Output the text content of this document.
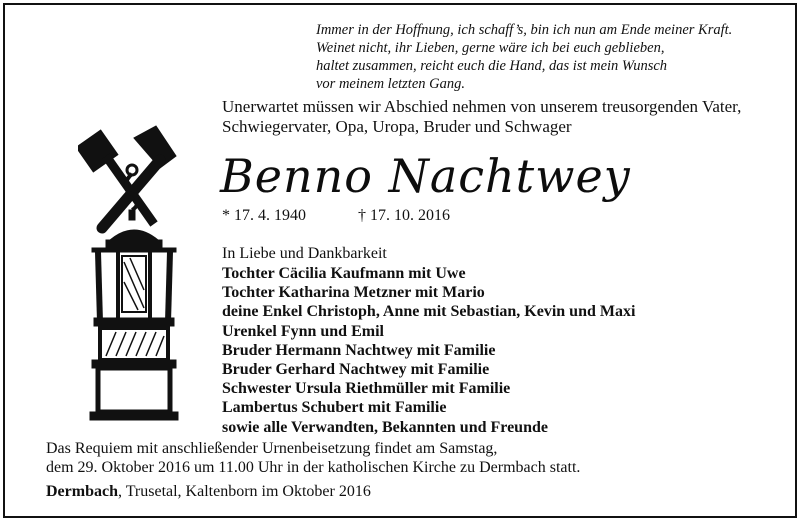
Immer in der Hoffnung, ich schaff’s, bin ich nun am Ende meiner Kraft.
Weinet nicht, ihr Lieben, gerne wäre ich bei euch geblieben,
haltet zusammen, reicht euch die Hand, das ist mein Wunsch
vor meinem letzten Gang.
Unerwartet müssen wir Abschied nehmen von unserem treusorgenden Vater,
Schwiegervater, Opa, Uropa, Bruder und Schwager
Benno Nachtwey
* 17. 4. 1940	† 17. 10. 2016
In Liebe und Dankbarkeit
Tochter Cäcilia Kaufmann mit Uwe
Tochter Katharina Metzner mit Mario
deine Enkel Christoph, Anne mit Sebastian, Kevin und Maxi
Urenkel Fynn und Emil
Bruder Hermann Nachtwey mit Familie
Bruder Gerhard Nachtwey mit Familie
Schwester Ursula Riethmüller mit Familie
Lambertus Schubert mit Familie
sowie alle Verwandten, Bekannten und Freunde
Das Requiem mit anschließender Urnenbeisetzung findet am Samstag,
dem 29. Oktober 2016 um 11.00 Uhr in der katholischen Kirche zu Dermbach statt.
Dermbach, Trusetal, Kaltenborn im Oktober 2016
